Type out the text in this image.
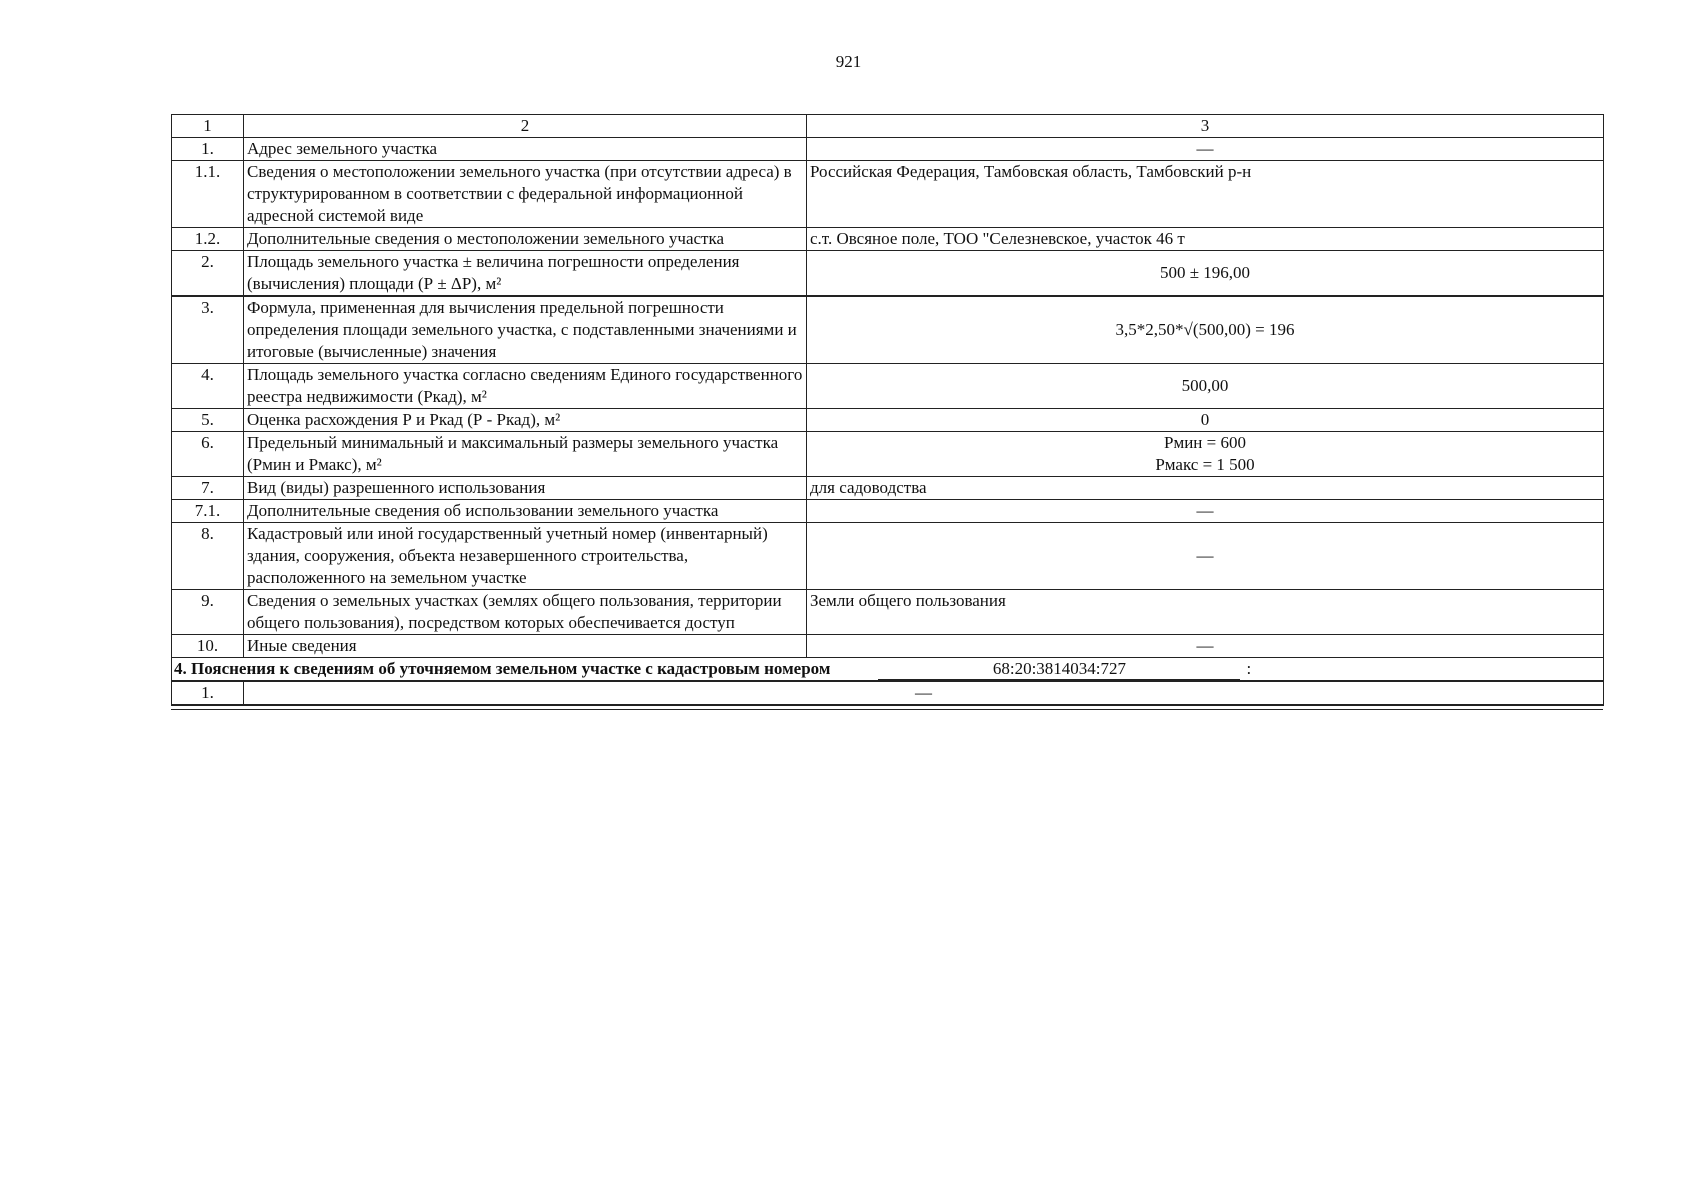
921
1	2	3
1.	Адрес земельного участка	—
1.1.	Сведения о местоположении земельного участка (при отсутствии адреса) в структурированном в соответствии с федеральной информационной адресной системой виде	Российская Федерация, Тамбовская область, Тамбовский р-н
1.2.	Дополнительные сведения о местоположении земельного участка	с.т. Овсяное поле, ТОО "Селезневское, участок 46 т
2.	Площадь земельного участка ± величина погрешности определения (вычисления) площади (Р ± ΔР), м²	500 ± 196,00
3.	Формула, примененная для вычисления предельной погрешности определения площади земельного участка, с подставленными значениями и итоговые (вычисленные) значения	3,5*2,50*√(500,00) = 196
4.	Площадь земельного участка согласно сведениям Единого государственного реестра недвижимости (Ркад), м²	500,00
5.	Оценка расхождения Р и Ркад (Р - Ркад), м²	0
6.	Предельный минимальный и максимальный размеры земельного участка (Рмин и Рмакс), м²	Рмин = 600
Рмакс = 1 500

7.	Вид (виды) разрешенного использования	для садоводства
7.1.	Дополнительные сведения об использовании земельного участка	—
8.	Кадастровый или иной государственный учетный номер (инвентарный) здания, сооружения, объекта незавершенного строительства, расположенного на земельном участке	—
9.	Сведения о земельных участках (землях общего пользования, территории общего пользования), посредством которых обеспечивается доступ	Земли общего пользования
10.	Иные сведения	—

4. Пояснения к сведениям об уточняемом земельном участке с кадастровым номером 68:20:3814034:727 :		

1.	—	
